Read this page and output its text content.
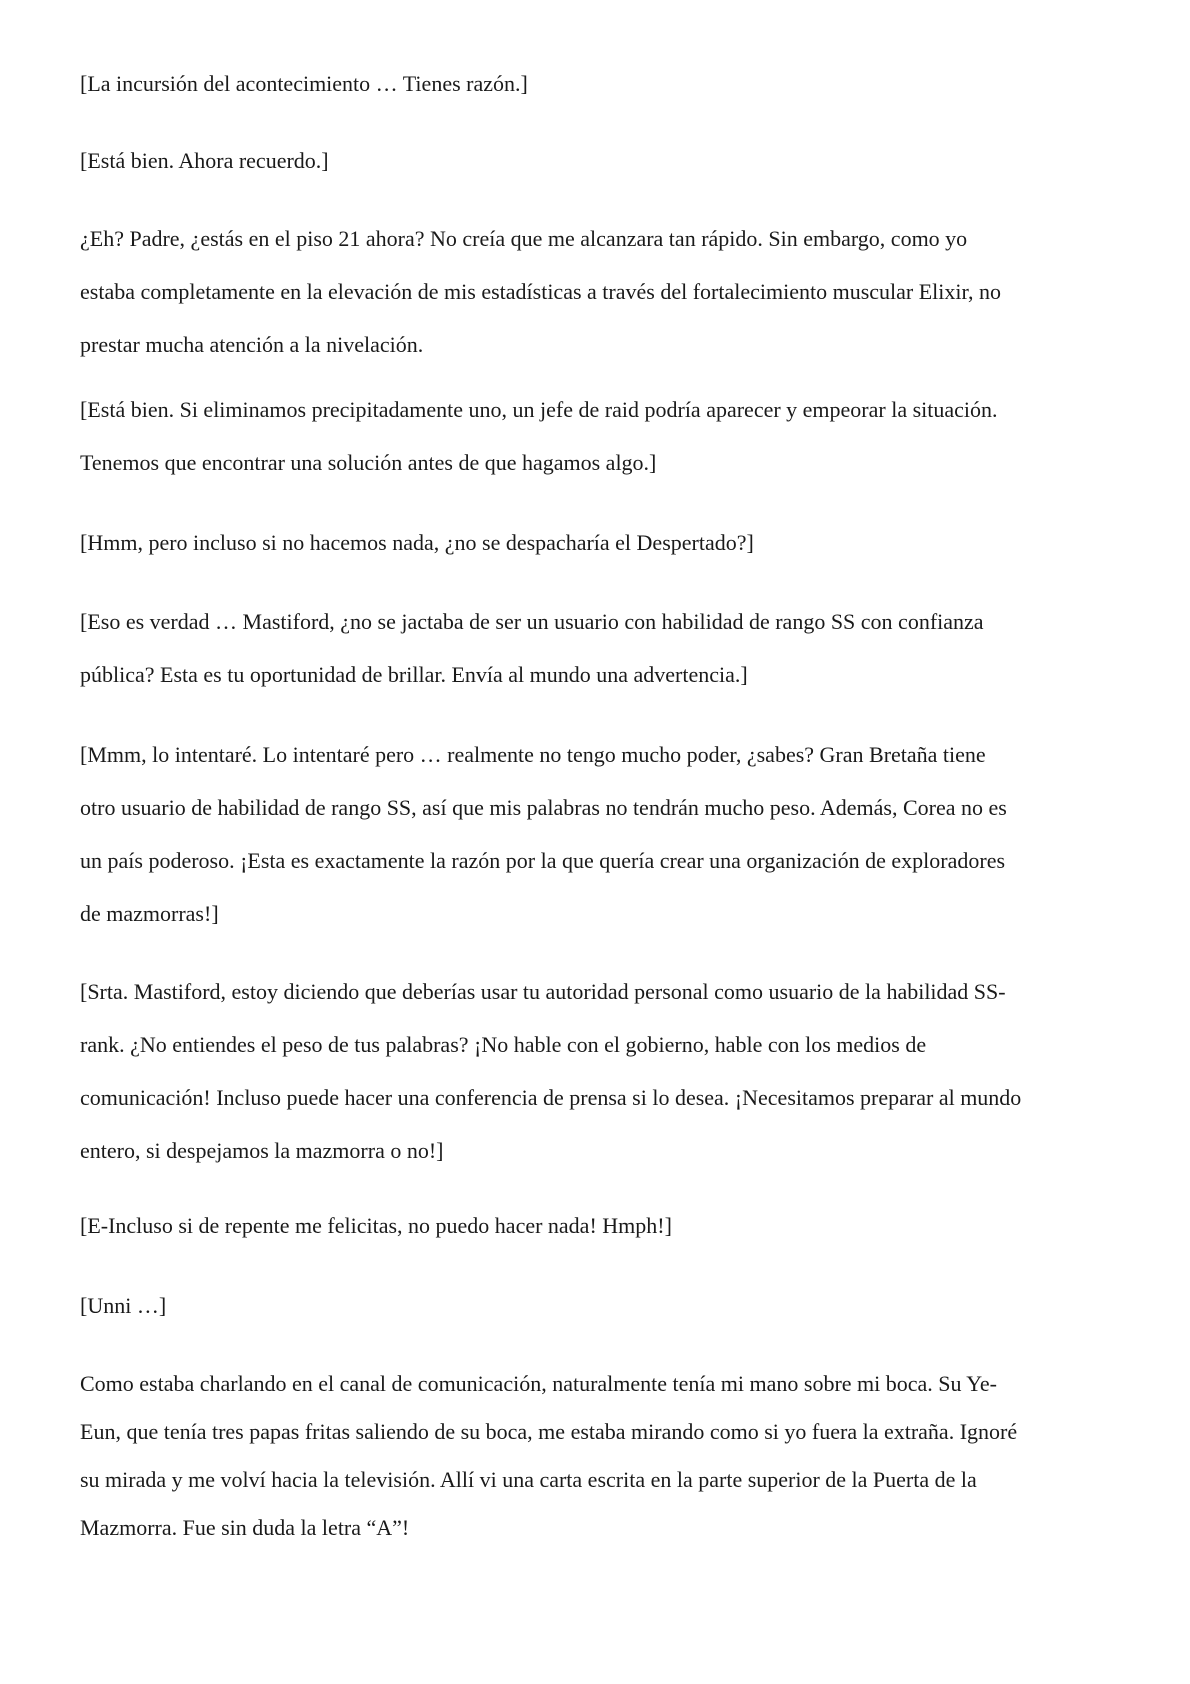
[La incursión del acontecimiento … Tienes razón.]

[Está bien. Ahora recuerdo.]

¿Eh? Padre, ¿estás en el piso 21 ahora? No creía que me alcanzara tan rápido. Sin embargo, como yo
estaba completamente en la elevación de mis estadísticas a través del fortalecimiento muscular Elixir, no
prestar mucha atención a la nivelación.

[Está bien. Si eliminamos precipitadamente uno, un jefe de raid podría aparecer y empeorar la situación.
Tenemos que encontrar una solución antes de que hagamos algo.]

[Hmm, pero incluso si no hacemos nada, ¿no se despacharía el Despertado?]

[Eso es verdad … Mastiford, ¿no se jactaba de ser un usuario con habilidad de rango SS con confianza
pública? Esta es tu oportunidad de brillar. Envía al mundo una advertencia.]

[Mmm, lo intentaré. Lo intentaré pero … realmente no tengo mucho poder, ¿sabes? Gran Bretaña tiene
otro usuario de habilidad de rango SS, así que mis palabras no tendrán mucho peso. Además, Corea no es
un país poderoso. ¡Esta es exactamente la razón por la que quería crear una organización de exploradores
de mazmorras!]

[Srta. Mastiford, estoy diciendo que deberías usar tu autoridad personal como usuario de la habilidad SS-
rank. ¿No entiendes el peso de tus palabras? ¡No hable con el gobierno, hable con los medios de
comunicación! Incluso puede hacer una conferencia de prensa si lo desea. ¡Necesitamos preparar al mundo
entero, si despejamos la mazmorra o no!]

[E-Incluso si de repente me felicitas, no puedo hacer nada! Hmph!]

[Unni …]

Como estaba charlando en el canal de comunicación, naturalmente tenía mi mano sobre mi boca. Su Ye-
Eun, que tenía tres papas fritas saliendo de su boca, me estaba mirando como si yo fuera la extraña. Ignoré
su mirada y me volví hacia la televisión. Allí vi una carta escrita en la parte superior de la Puerta de la
Mazmorra. Fue sin duda la letra “A”!
